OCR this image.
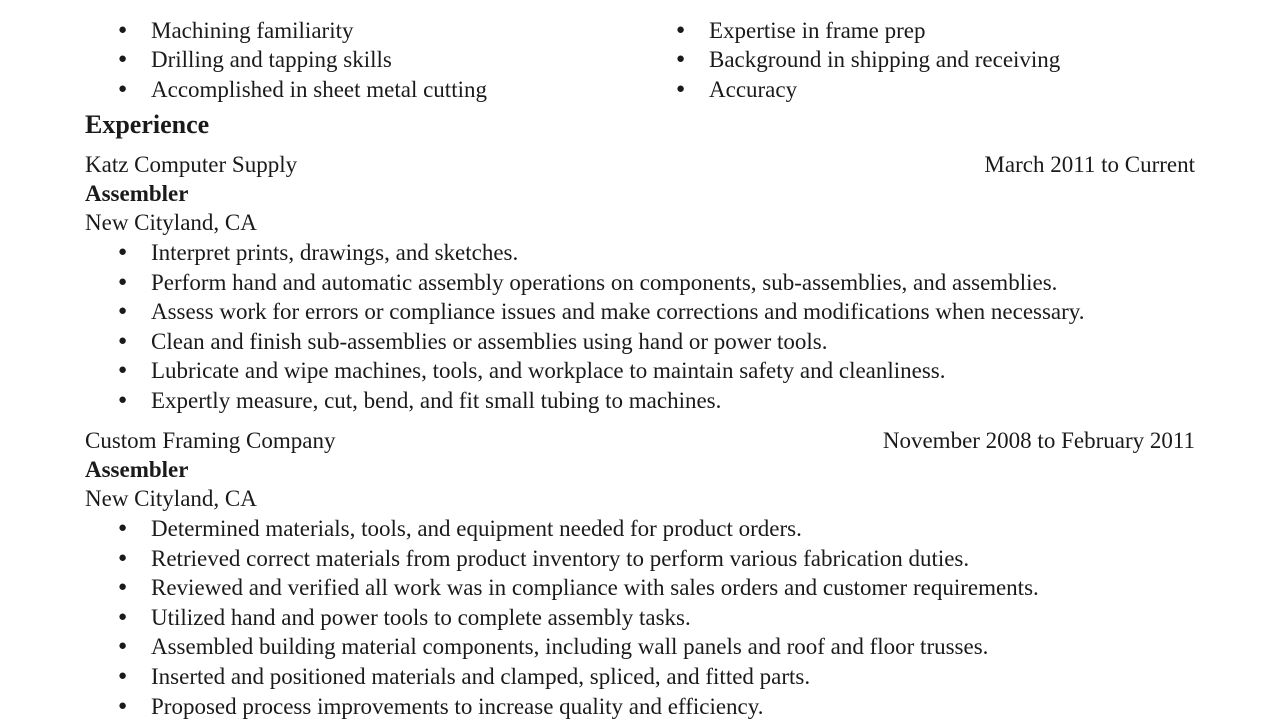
● Machining familiarity
● Drilling and tapping skills
● Accomplished in sheet metal cutting
● Expertise in frame prep
● Background in shipping and receiving
● Accuracy
Experience
Katz Computer Supply	March 2011 to Current
Assembler
New Cityland, CA
● Interpret prints, drawings, and sketches.
● Perform hand and automatic assembly operations on components, sub-assemblies, and assemblies.
● Assess work for errors or compliance issues and make corrections and modifications when necessary.
● Clean and finish sub-assemblies or assemblies using hand or power tools.
● Lubricate and wipe machines, tools, and workplace to maintain safety and cleanliness.
● Expertly measure, cut, bend, and fit small tubing to machines.
Custom Framing Company	November 2008 to February 2011
Assembler
New Cityland, CA
● Determined materials, tools, and equipment needed for product orders.
● Retrieved correct materials from product inventory to perform various fabrication duties.
● Reviewed and verified all work was in compliance with sales orders and customer requirements.
● Utilized hand and power tools to complete assembly tasks.
● Assembled building material components, including wall panels and roof and floor trusses.
● Inserted and positioned materials and clamped, spliced, and fitted parts.
● Proposed process improvements to increase quality and efficiency.
